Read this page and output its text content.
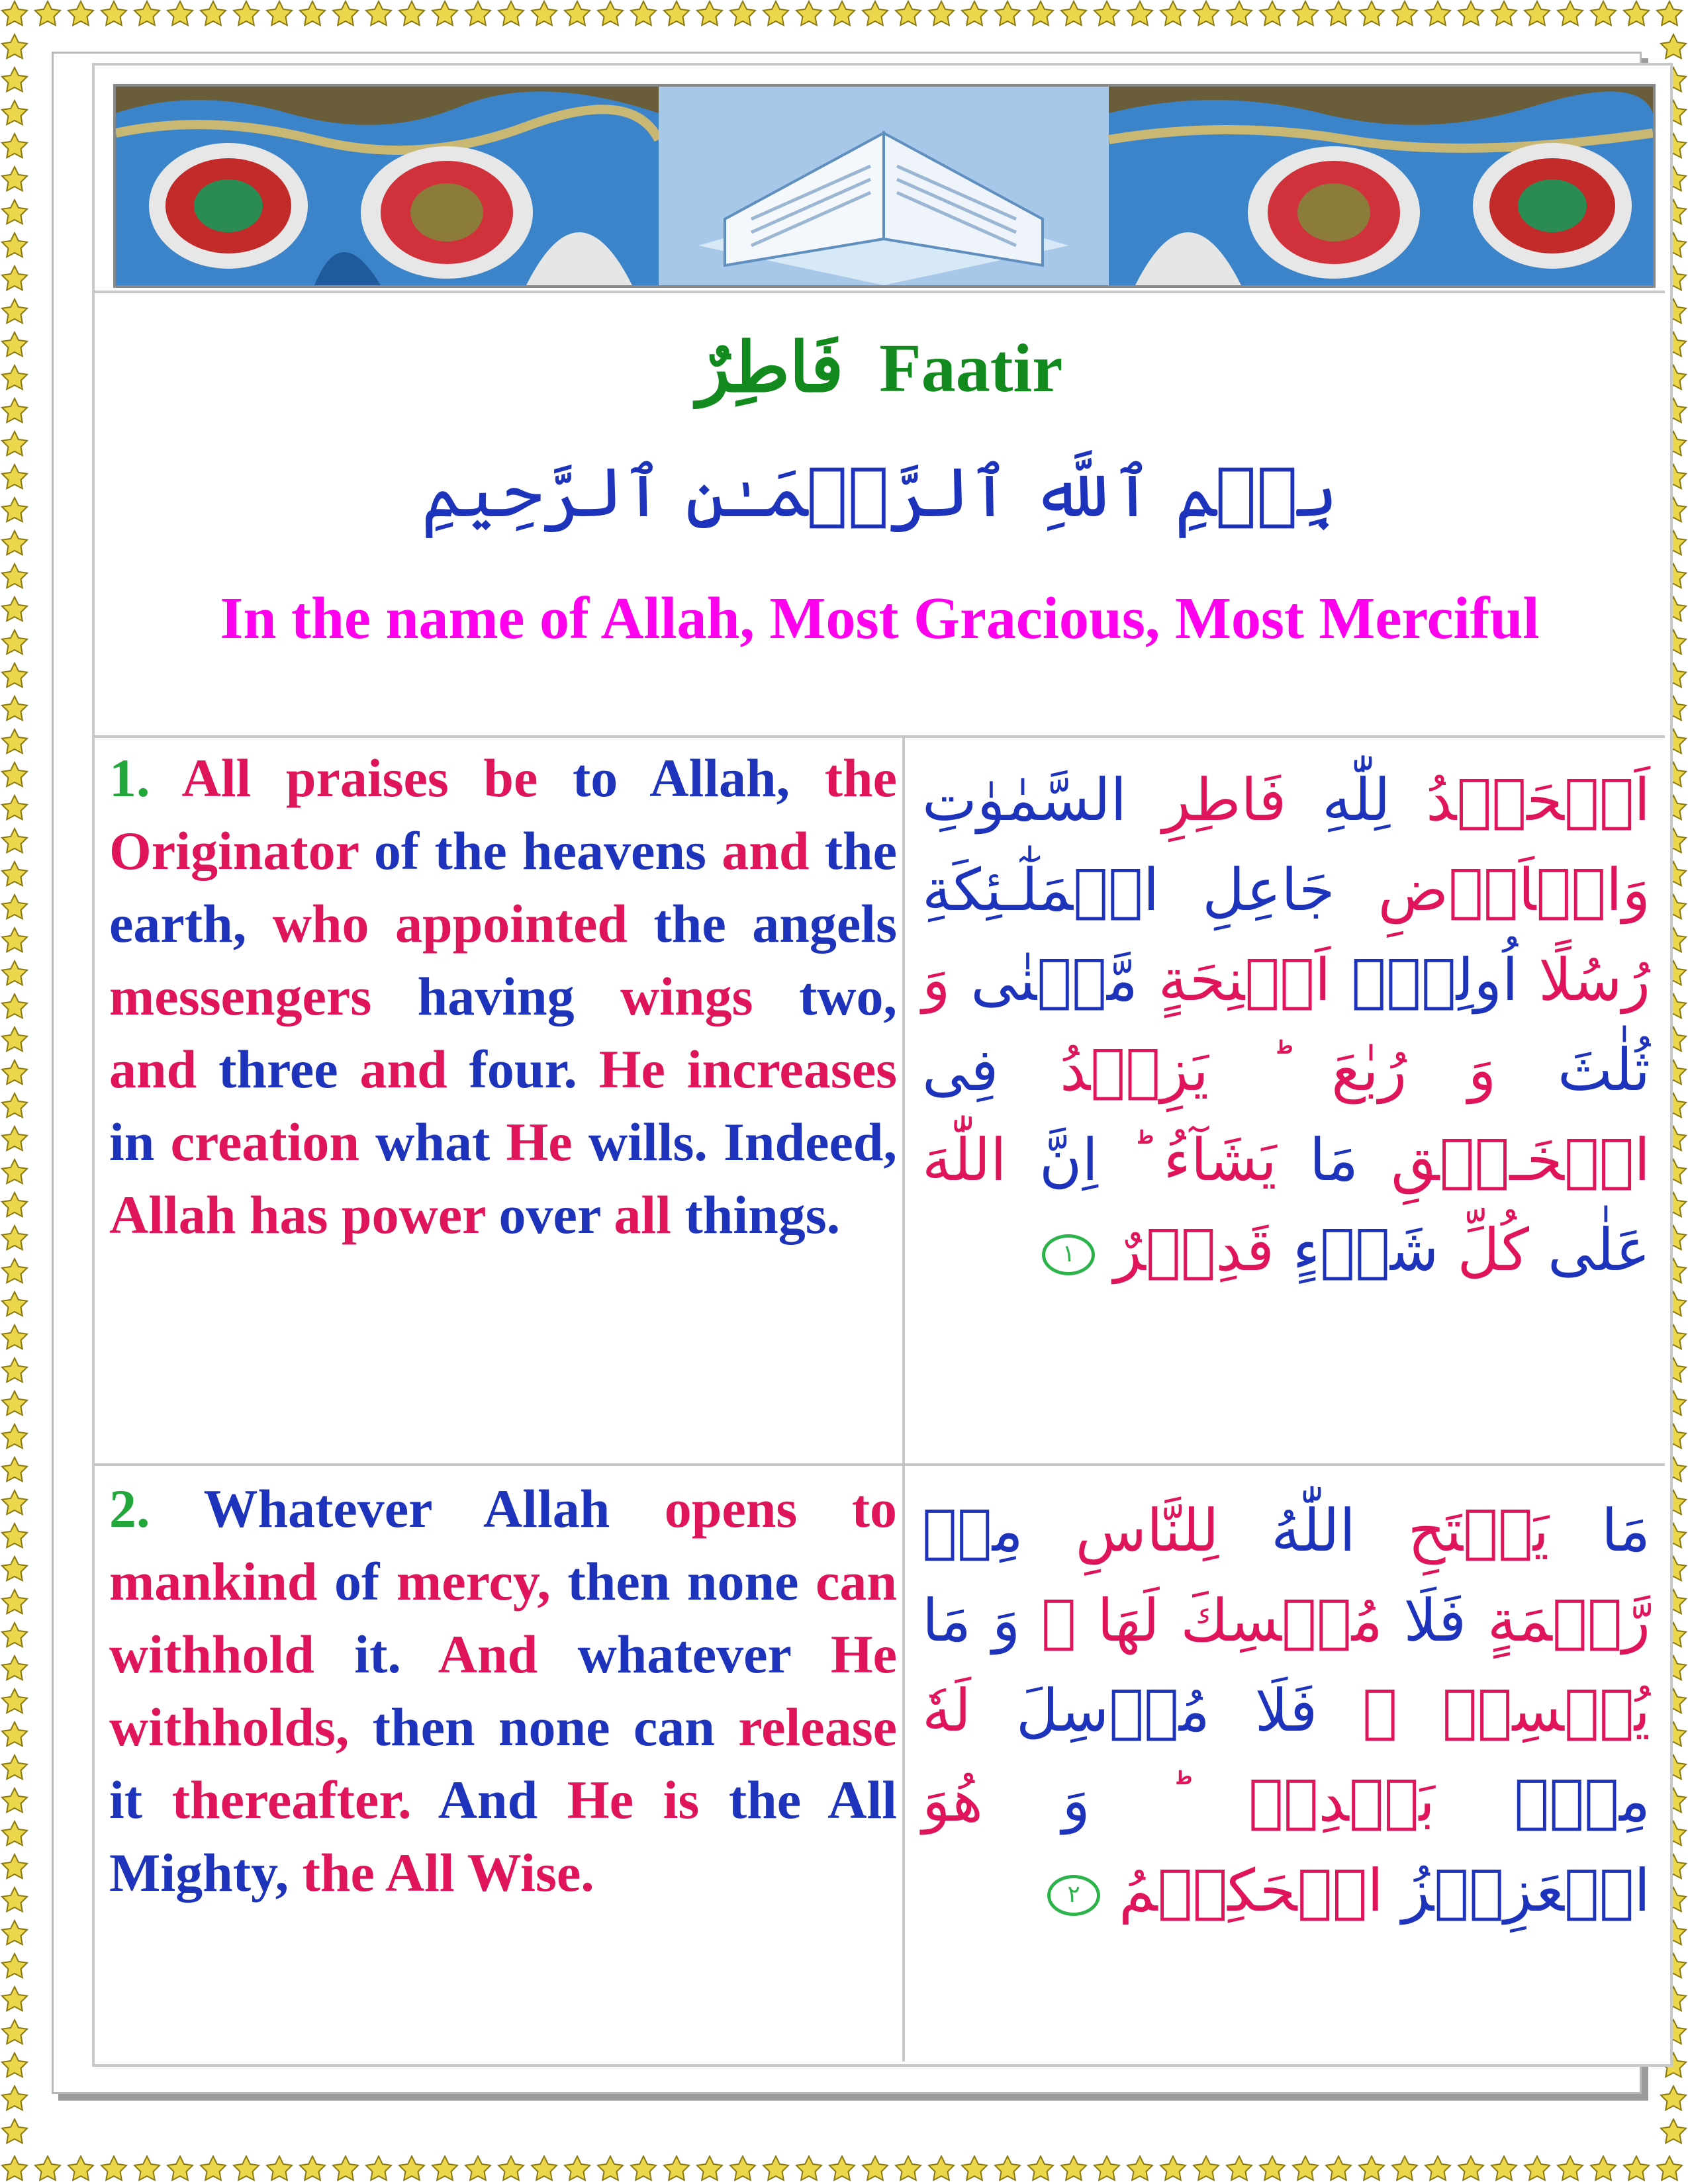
فَاطِرٌ Faatir
بِسۡمِ ٱللَّهِ ٱلرَّحۡمَـٰنِ ٱلرَّحِيمِ
In the name of Allah, Most Gracious, Most Merciful
1. All praises be to Allah, the Originator of the heavens and the earth, who appointed the angels messengers having wings two, and three and four. He increases in creation what He wills. Indeed, Allah has power over all things.
اَلۡحَمۡدُ لِلّٰهِ فَاطِرِ السَّمٰوٰتِ وَالۡاَرۡضِ جَاعِلِ الۡمَلٰٓـئِكَةِ رُسُلًا اُولِىۡۤ اَجۡنِحَةٍ مَّثۡنٰى وَ ثُلٰثَ وَ رُبٰعَ‌ ؕ يَزِيۡدُ فِى الۡخَـلۡقِ مَا يَشَآءُ‌ ؕ اِنَّ اللّٰهَ عَلٰى كُلِّ شَىۡءٍ قَدِيۡرٌ ١
2. Whatever Allah opens to mankind of mercy, then none can withhold it. And whatever He withholds, then none can release it thereafter. And He is the All Mighty, the All Wise.
مَا يَفۡتَحِ اللّٰهُ لِلنَّاسِ مِنۡ رَّحۡمَةٍ فَلَا مُمۡسِكَ لَهَا‌ ۚ وَ مَا يُمۡسِكۡ ۙ فَلَا مُرۡسِلَ لَهٗ مِنۡۢ بَعۡدِهٖ‌ ؕ وَ هُوَ الۡعَزِيۡزُ الۡحَكِيۡمُ ٢
